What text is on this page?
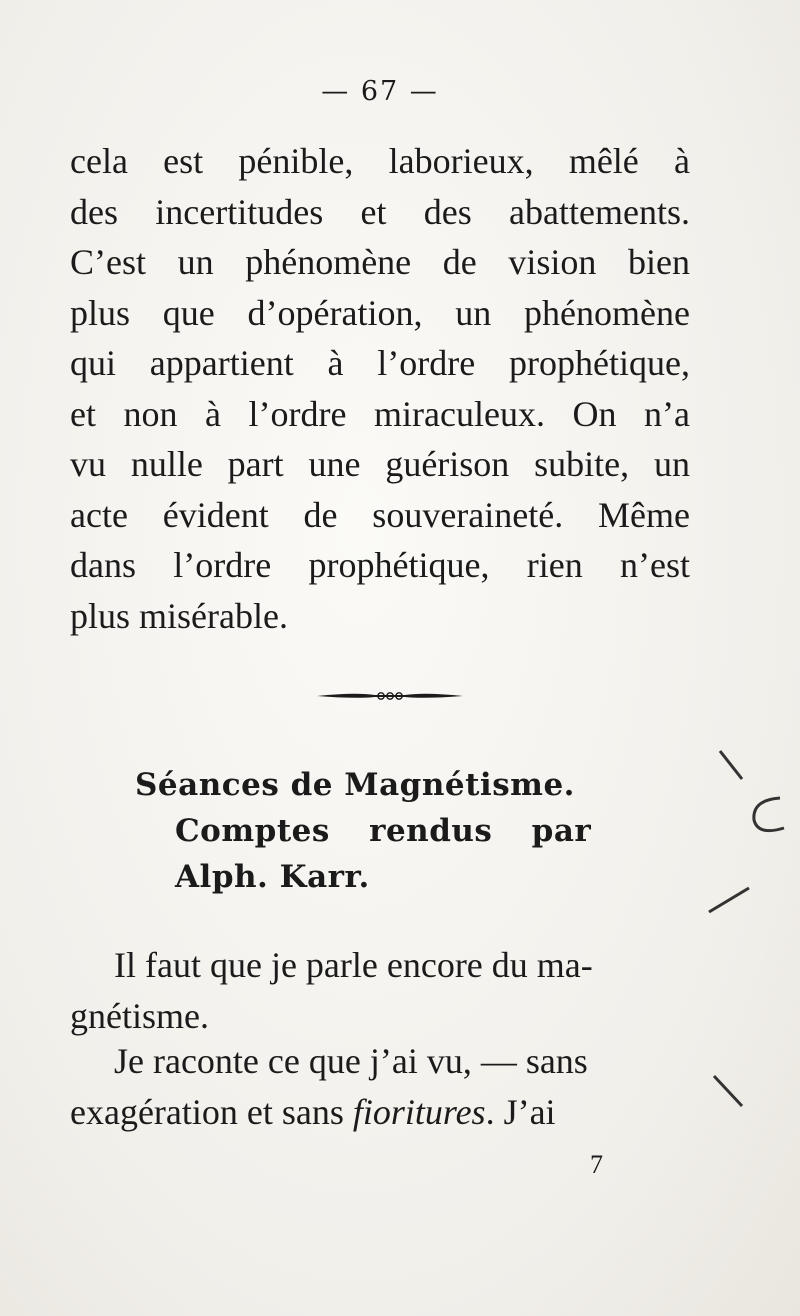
— 67 —
cela est pénible, laborieux, mêlé à
des incertitudes et des abattements.
C’est un phénomène de vision bien
plus que d’opération, un phénomène
qui appartient à l’ordre prophétique,
et non à l’ordre miraculeux. On n’a
vu nulle part une guérison subite, un
acte évident de souveraineté. Même
dans l’ordre prophétique, rien n’est
plus misérable.
Séances de Magnétisme.
Comptes rendus par
Alph. Karr.
Il faut que je parle encore du ma-
gnétisme.
Je raconte ce que j’ai vu, — sans
exagération et sans fioritures. J’ai
7
